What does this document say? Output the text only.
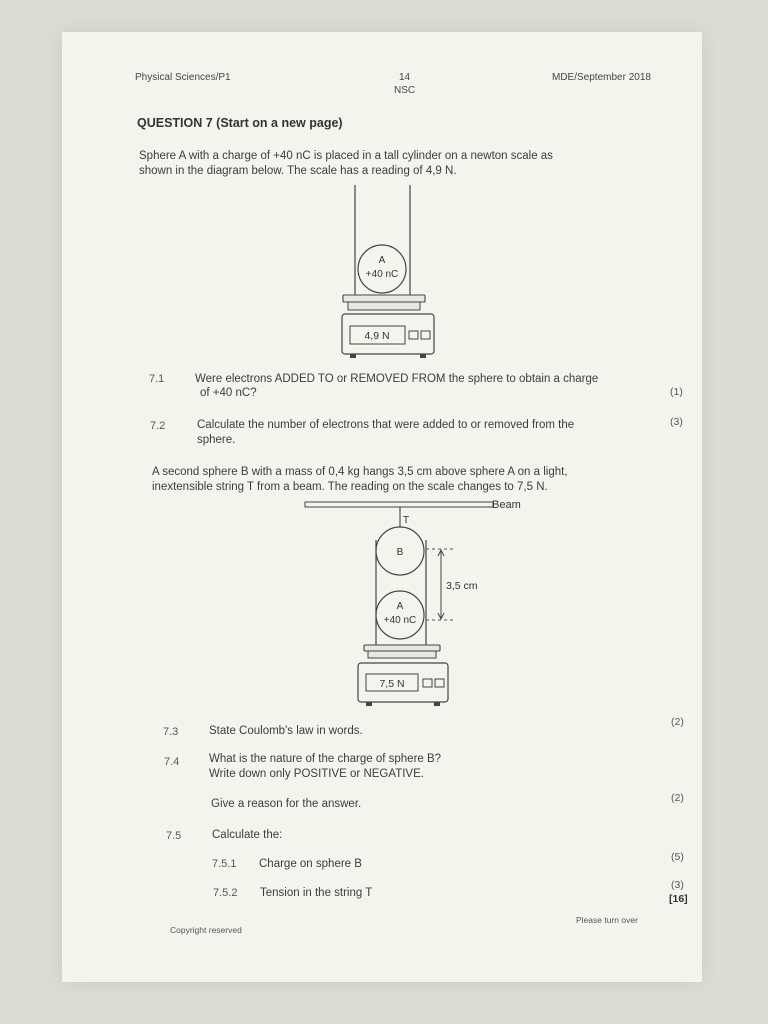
Physical Sciences/P1	14
NSC
MDE/September 2018
QUESTION 7 (Start on a new page)
Sphere A with a charge of +40 nC is placed in a tall cylinder on a newton scale as
shown in the diagram below. The scale has a reading of 4,9 N.
A
+40 nC
4,9 N
7.1	Were electrons ADDED TO or REMOVED FROM the sphere to obtain a charge
of +40 nC?	(1)
7.2	Calculate the number of electrons that were added to or removed from the
sphere.
(3)
A second sphere B with a mass of 0,4 kg hangs 3,5 cm above sphere A on a light,
inextensible string T from a beam. The reading on the scale changes to 7,5 N.
Beam
T
B
A
+40 nC
3,5 cm
7,5 N
7.3	State Coulomb's law in words.
(2)
7.4	What is the nature of the charge of sphere B?
Write down only POSITIVE or NEGATIVE.
Give a reason for the answer.	(2)
7.5	Calculate the:
7.5.1 Charge on sphere B
(5)
7.5.2 Tension in the string T
(3)
[16]
Copyright reserved
Please turn over
